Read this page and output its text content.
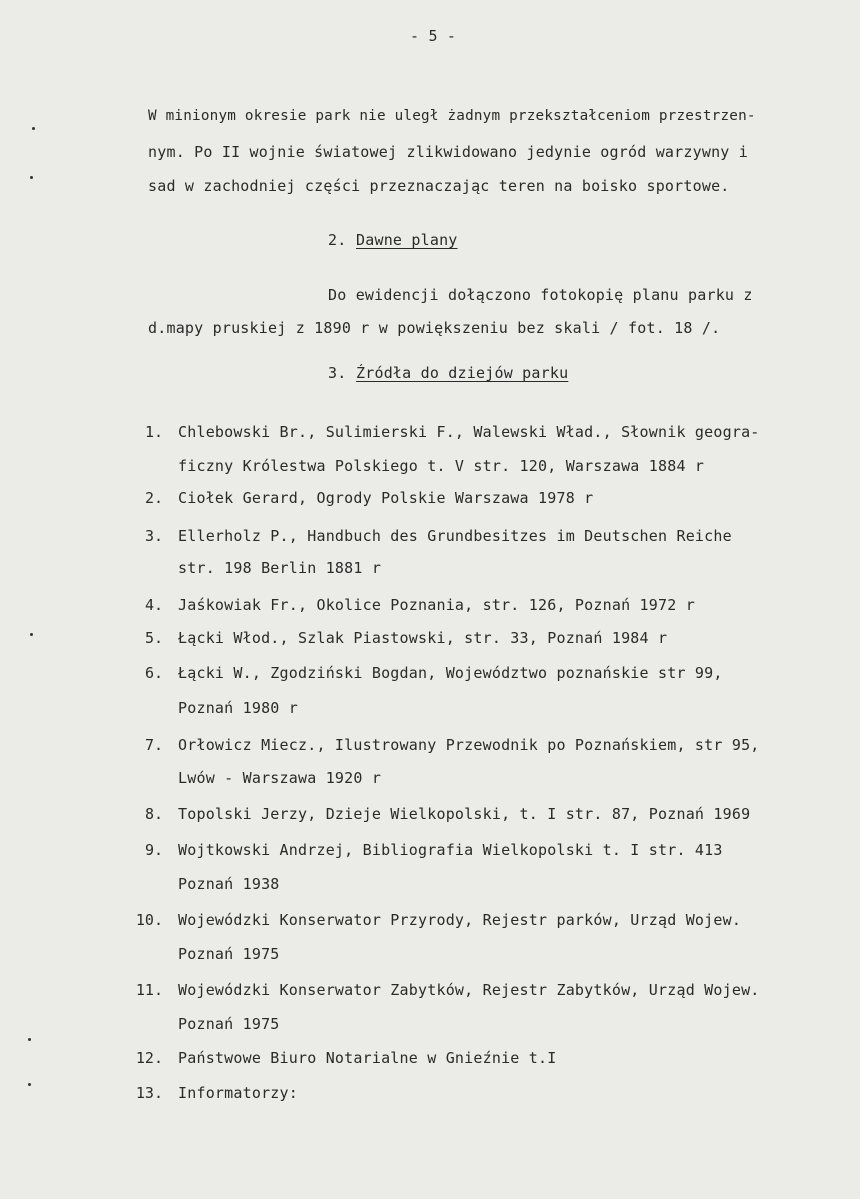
- 5 -
W minionym okresie park nie uległ żadnym przekształceniom przestrzen-
nym. Po II wojnie światowej zlikwidowano jedynie ogród warzywny i
sad w zachodniej części przeznaczając teren na boisko sportowe.
2. Dawne plany
Do ewidencji dołączono fotokopię planu parku z
d.mapy pruskiej z 1890 r w powiększeniu bez skali / fot. 18 /.
3. Źródła do dziejów parku
1. Chlebowski Br., Sulimierski F., Walewski Wład., Słownik geogra-
ficzny Królestwa Polskiego t. V str. 120, Warszawa 1884 r
2. Ciołek Gerard, Ogrody Polskie Warszawa 1978 r
3. Ellerholz P., Handbuch des Grundbesitzes im Deutschen Reiche
str. 198 Berlin 1881 r
4. Jaśkowiak Fr., Okolice Poznania, str. 126, Poznań 1972 r
5. Łącki Włod., Szlak Piastowski, str. 33, Poznań 1984 r
6. Łącki W., Zgodziński Bogdan, Województwo poznańskie str 99,
Poznań 1980 r
7. Orłowicz Miecz., Ilustrowany Przewodnik po Poznańskiem, str 95,
Lwów - Warszawa 1920 r
8. Topolski Jerzy, Dzieje Wielkopolski, t. I str. 87, Poznań 1969
9. Wojtkowski Andrzej, Bibliografia Wielkopolski t. I str. 413
Poznań 1938
10. Wojewódzki Konserwator Przyrody, Rejestr parków, Urząd Wojew.
Poznań 1975
11. Wojewódzki Konserwator Zabytków, Rejestr Zabytków, Urząd Wojew.
Poznań 1975
12. Państwowe Biuro Notarialne w Gnieźnie t.I
13. Informatorzy:
